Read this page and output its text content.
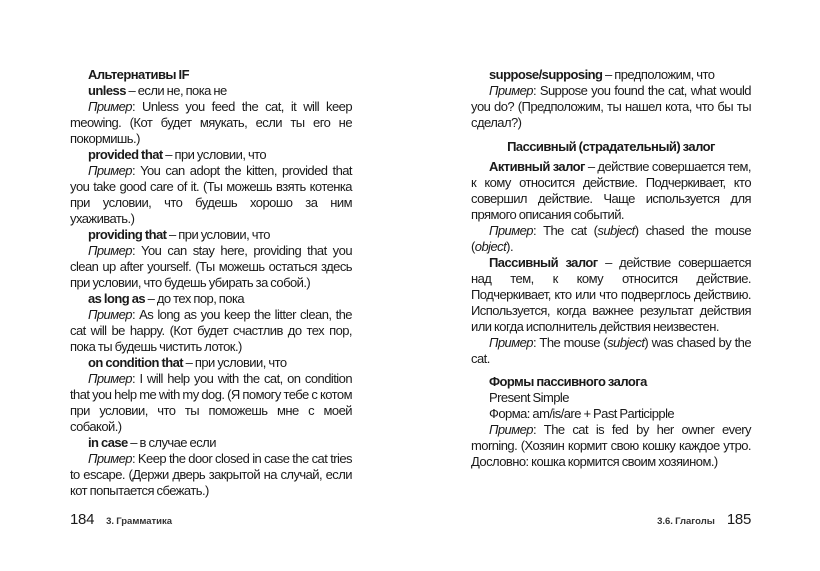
Альтернативы IF

unless – если не, пока не

Пример: Unless you feed the cat, it will keep meowing. (Кот будет мяукать, если ты его не покормишь.)

provided that – при условии, что

Пример: You can adopt the kitten, provided that you take good care of it. (Ты можешь взять котенка при условии, что будешь хорошо за ним ухаживать.)

providing that – при условии, что

Пример: You can stay here, providing that you clean up after yourself. (Ты можешь остаться здесь при условии, что будешь убирать за собой.)

as long as – до тех пор, пока

Пример: As long as you keep the litter clean, the cat will be happy. (Кот будет счастлив до тех пор, пока ты будешь чистить лоток.)

on condition that – при условии, что

Пример: I will help you with the cat, on condition that you help me with my dog. (Я помогу тебе с котом при условии, что ты поможешь мне с моей собакой.)

in case – в случае если

Пример: Keep the door closed in case the cat tries to escape. (Держи дверь закрытой на случай, если кот попытается сбежать.)

184 3. Грамматика

suppose/supposing – предположим, что

Пример: Suppose you found the cat, what would you do? (Предположим, ты нашел кота, что бы ты сделал?)

Пассивный (страдательный) залог

Активный залог – действие совершается тем, к кому относится действие. Подчеркивает, кто совершил действие. Чаще используется для прямого описания событий.

Пример: The cat (subject) chased the mouse (object).

Пассивный залог – действие совершается над тем, к кому относится действие. Подчеркивает, кто или что подверглось действию. Используется, когда важнее результат действия или когда исполнитель действия неизвестен.

Пример: The mouse (subject) was chased by the cat.

Формы пассивного залога

Present Simple

Форма: am/is/are + Past Participple

Пример: The cat is fed by her owner every morning. (Хозяин кормит свою кошку каждое утро. Дословно: кошка кормится своим хозяином.)

3.6. Глаголы 185
